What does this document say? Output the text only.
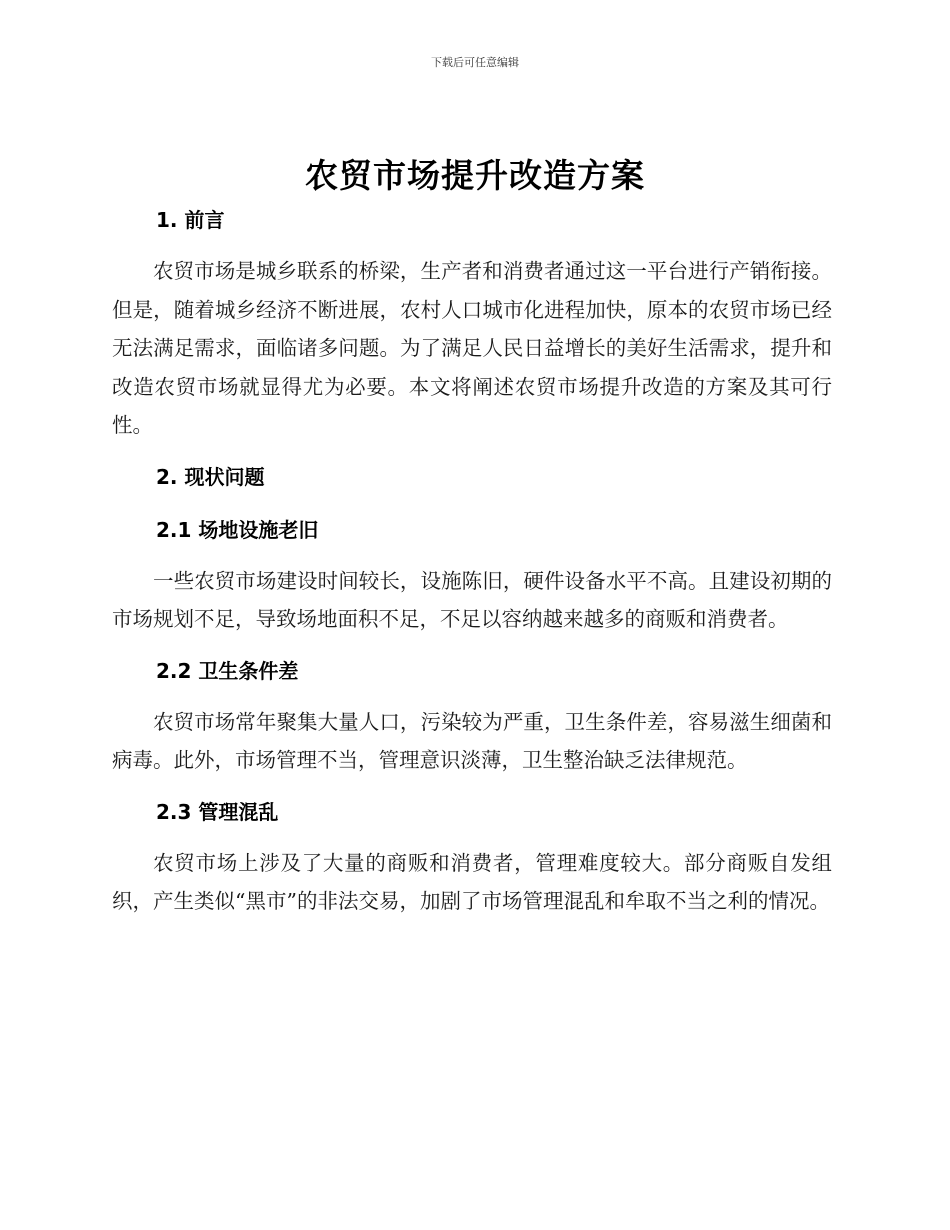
下载后可任意编辑
农贸市场提升改造方案
1. 前言

农贸市场是城乡联系的桥梁，生产者和消费者通过这一平台进行产销衔接。但是，随着城乡经济不断进展，农村人口城市化进程加快，原本的农贸市场已经无法满足需求，面临诸多问题。为了满足人民日益增长的美好生活需求，提升和改造农贸市场就显得尤为必要。本文将阐述农贸市场提升改造的方案及其可行性。

2. 现状问题
2.1 场地设施老旧

一些农贸市场建设时间较长，设施陈旧，硬件设备水平不高。且建设初期的市场规划不足，导致场地面积不足，不足以容纳越来越多的商贩和消费者。

2.2 卫生条件差

农贸市场常年聚集大量人口，污染较为严重，卫生条件差，容易滋生细菌和病毒。此外，市场管理不当，管理意识淡薄，卫生整治缺乏法律规范。

2.3 管理混乱

农贸市场上涉及了大量的商贩和消费者，管理难度较大。部分商贩自发组织，产生类似“黑市”的非法交易，加剧了市场管理混乱和牟取不当之利的情况。
